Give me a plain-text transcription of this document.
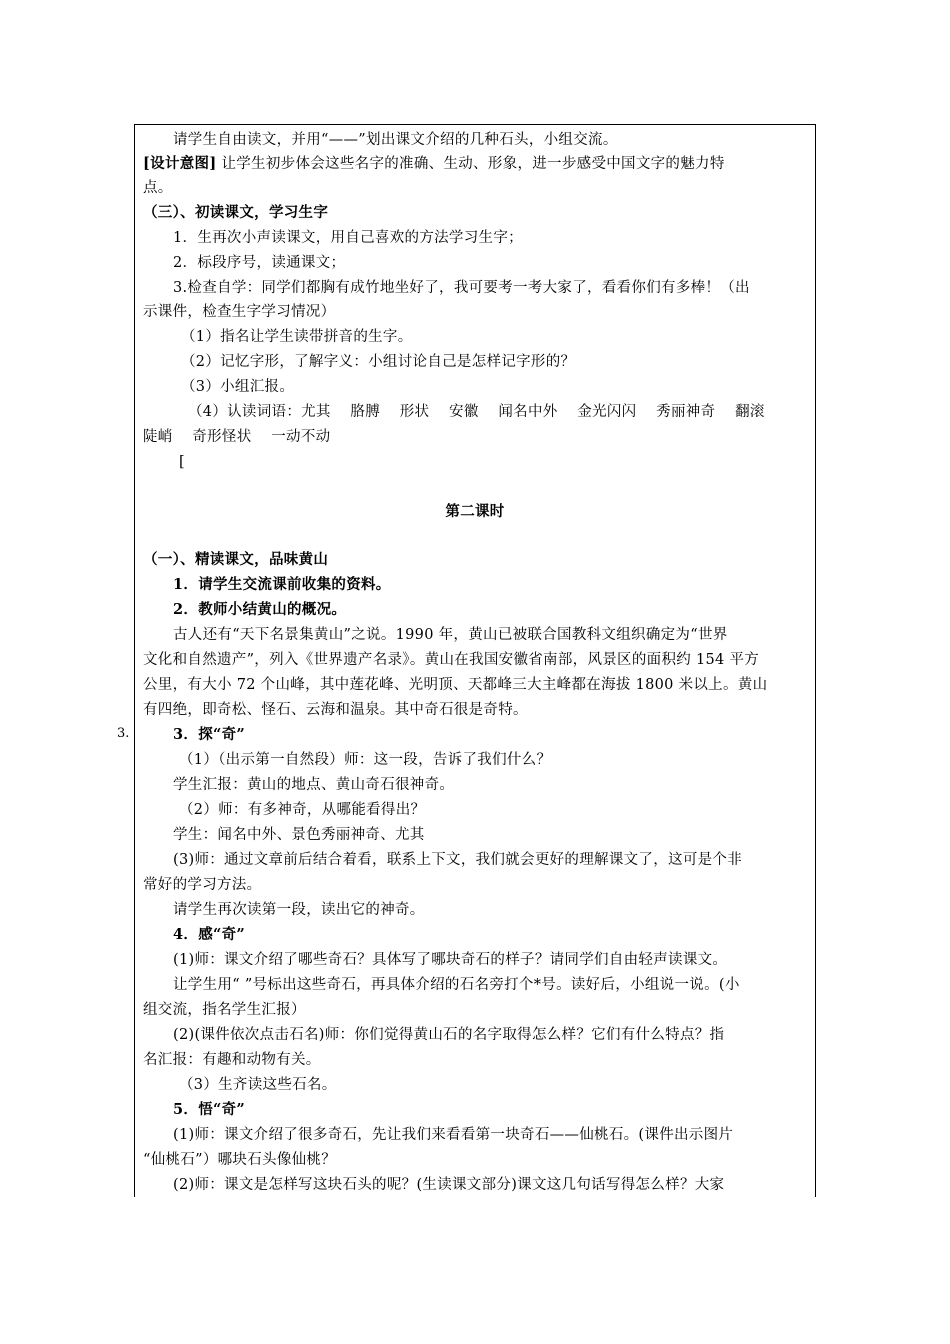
请学生自由读文，并用“——”划出课文介绍的几种石头，小组交流。
[设计意图] 让学生初步体会这些名字的准确、生动、形象，进一步感受中国文字的魅力特
点。
（三）、初读课文，学习生字
1．生再次小声读课文，用自己喜欢的方法学习生字；
2．标段序号，读通课文；
3.检查自学：同学们都胸有成竹地坐好了，我可要考一考大家了，看看你们有多棒！（出
示课件，检查生字学习情况）
（1）指名让学生读带拼音的生字。
（2）记忆字形，了解字义：小组讨论自己是怎样记字形的？
（3）小组汇报。
（4）认读词语：尤其　 胳膊　 形状　 安徽　 闻名中外　 金光闪闪　 秀丽神奇　 翻滚
陡峭　 奇形怪状　 一动不动
[
第二课时
（一）、精读课文，品味黄山
1．请学生交流课前收集的资料。
2．教师小结黄山的概况。
古人还有“天下名景集黄山”之说。1990 年，黄山已被联合国教科文组织确定为“世界
文化和自然遗产”，列入《世界遗产名录》。黄山在我国安徽省南部，风景区的面积约 154 平方
公里，有大小 72 个山峰，其中莲花峰、光明顶、天都峰三大主峰都在海拔 1800 米以上。黄山
有四绝，即奇松、怪石、云海和温泉。其中奇石很是奇特。
3.	3．探“奇”
（1）（出示第一自然段）师：这一段，告诉了我们什么？
学生汇报：黄山的地点、黄山奇石很神奇。
（2）师：有多神奇，从哪能看得出？
学生：闻名中外、景色秀丽神奇、尤其
(3)师：通过文章前后结合着看，联系上下文，我们就会更好的理解课文了，这可是个非
常好的学习方法。
请学生再次读第一段，读出它的神奇。
4．感“奇”
(1)师：课文介绍了哪些奇石？具体写了哪块奇石的样子？请同学们自由轻声读课文。
让学生用“ ”号标出这些奇石，再具体介绍的石名旁打个*号。读好后，小组说一说。(小
组交流，指名学生汇报）
(2)(课件依次点击石名)师：你们觉得黄山石的名字取得怎么样？它们有什么特点？指
名汇报：有趣和动物有关。
（3）生齐读这些石名。
5．悟“奇”
(1)师：课文介绍了很多奇石，先让我们来看看第一块奇石——仙桃石。(课件出示图片
“仙桃石”）哪块石头像仙桃？
(2)师：课文是怎样写这块石头的呢？(生读课文部分)课文这几句话写得怎么样？大家
